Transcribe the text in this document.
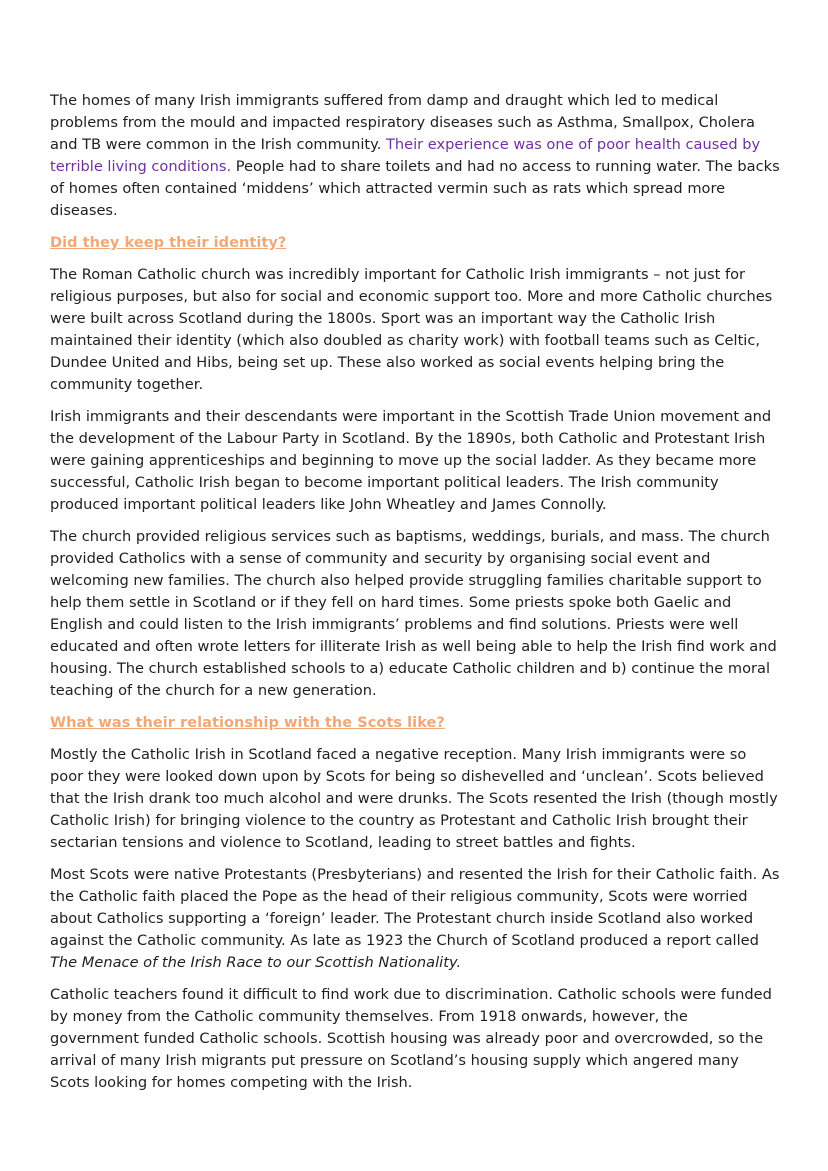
The homes of many Irish immigrants suffered from damp and draught which led to medical problems from the mould and impacted respiratory diseases such as Asthma, Smallpox, Cholera and TB were common in the Irish community. Their experience was one of poor health caused by terrible living conditions. People had to share toilets and had no access to running water. The backs of homes often contained ‘middens’ which attracted vermin such as rats which spread more diseases.

Did they keep their identity?

The Roman Catholic church was incredibly important for Catholic Irish immigrants – not just for religious purposes, but also for social and economic support too. More and more Catholic churches were built across Scotland during the 1800s. Sport was an important way the Catholic Irish maintained their identity (which also doubled as charity work) with football teams such as Celtic, Dundee United and Hibs, being set up. These also worked as social events helping bring the community together.

Irish immigrants and their descendants were important in the Scottish Trade Union movement and the development of the Labour Party in Scotland. By the 1890s, both Catholic and Protestant Irish were gaining apprenticeships and beginning to move up the social ladder. As they became more successful, Catholic Irish began to become important political leaders. The Irish community produced important political leaders like John Wheatley and James Connolly.

The church provided religious services such as baptisms, weddings, burials, and mass. The church provided Catholics with a sense of community and security by organising social event and welcoming new families. The church also helped provide struggling families charitable support to help them settle in Scotland or if they fell on hard times. Some priests spoke both Gaelic and English and could listen to the Irish immigrants’ problems and find solutions. Priests were well educated and often wrote letters for illiterate Irish as well being able to help the Irish find work and housing. The church established schools to a) educate Catholic children and b) continue the moral teaching of the church for a new generation.

What was their relationship with the Scots like?

Mostly the Catholic Irish in Scotland faced a negative reception. Many Irish immigrants were so poor they were looked down upon by Scots for being so dishevelled and ‘unclean’. Scots believed that the Irish drank too much alcohol and were drunks. The Scots resented the Irish (though mostly Catholic Irish) for bringing violence to the country as Protestant and Catholic Irish brought their sectarian tensions and violence to Scotland, leading to street battles and fights.

Most Scots were native Protestants (Presbyterians) and resented the Irish for their Catholic faith. As the Catholic faith placed the Pope as the head of their religious community, Scots were worried about Catholics supporting a ‘foreign’ leader. The Protestant church inside Scotland also worked against the Catholic community. As late as 1923 the Church of Scotland produced a report called The Menace of the Irish Race to our Scottish Nationality.

Catholic teachers found it difficult to find work due to discrimination. Catholic schools were funded by money from the Catholic community themselves. From 1918 onwards, however, the government funded Catholic schools. Scottish housing was already poor and overcrowded, so the arrival of many Irish migrants put pressure on Scotland’s housing supply which angered many Scots looking for homes competing with the Irish.
